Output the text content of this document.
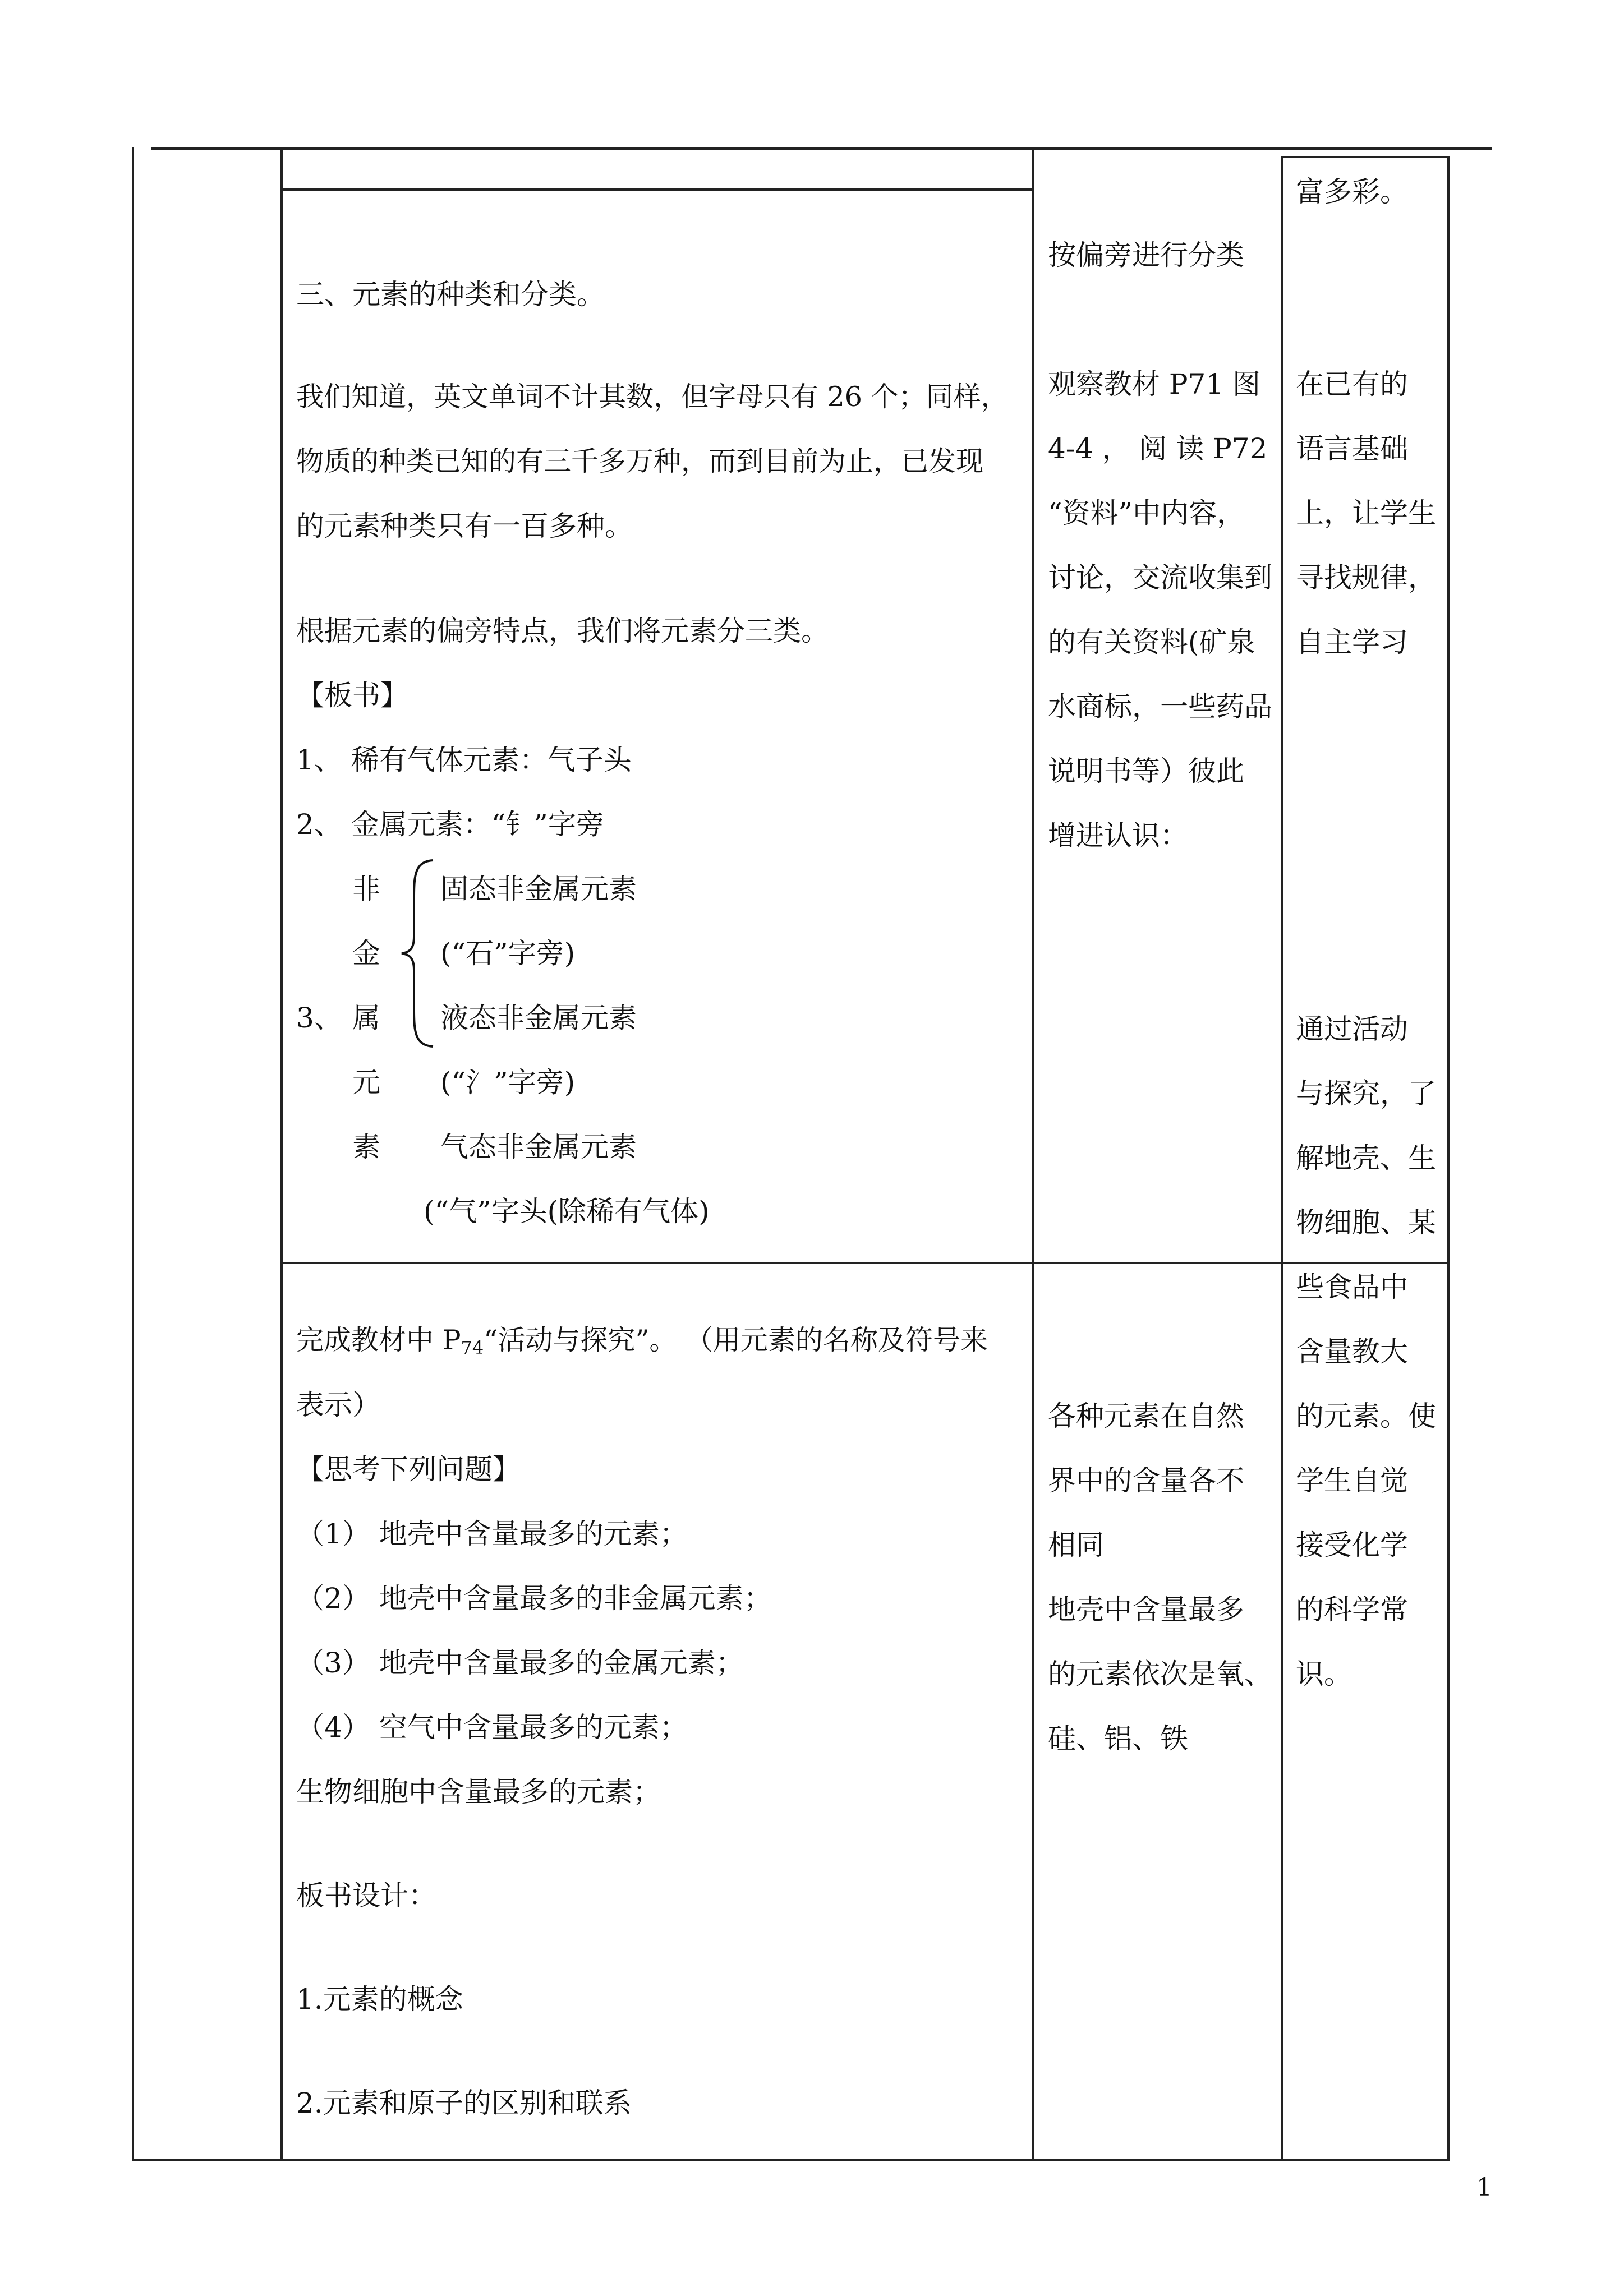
富多彩。
三、元素的种类和分类。
我们知道，英文单词不计其数，但字母只有 26 个；同样，
物质的种类已知的有三千多万种，而到目前为止，已发现
的元素种类只有一百多种。
根据元素的偏旁特点，我们将元素分三类。
【板书】
1、 稀有气体元素：气子头
2、 金属元素：“钅”字旁
3、
非
金
属
元
素
固态非金属元素
(“石”字旁)
液态非金属元素
(“氵”字旁)
气态非金属元素
(“气”字头(除稀有气体)
按偏旁进行分类
观察教材 P71 图
4-4 ， 阅 读 P72
“资料”中内容，
讨论，交流收集到
的有关资料(矿泉
水商标，一些药品
说明书等）彼此
增进认识：
在已有的
语言基础
上，让学生
寻找规律，
自主学习
通过活动
与探究，了
解地壳、生
物细胞、某
些食品中
含量教大
的元素。使
学生自觉
接受化学
的科学常
识。
完成教材中 $P_{74}“$活动与探究”。 （用元素的名称及符号来
表示）
【思考下列问题】
（1） 地壳中含量最多的元素；
（2） 地壳中含量最多的非金属元素；
（3） 地壳中含量最多的金属元素；
（4） 空气中含量最多的元素；
生物细胞中含量最多的元素；
板书设计：
1.元素的概念
2.元素和原子的区别和联系
各种元素在自然
界中的含量各不
相同
地壳中含量最多
的元素依次是氧、
硅、铝、铁
1
